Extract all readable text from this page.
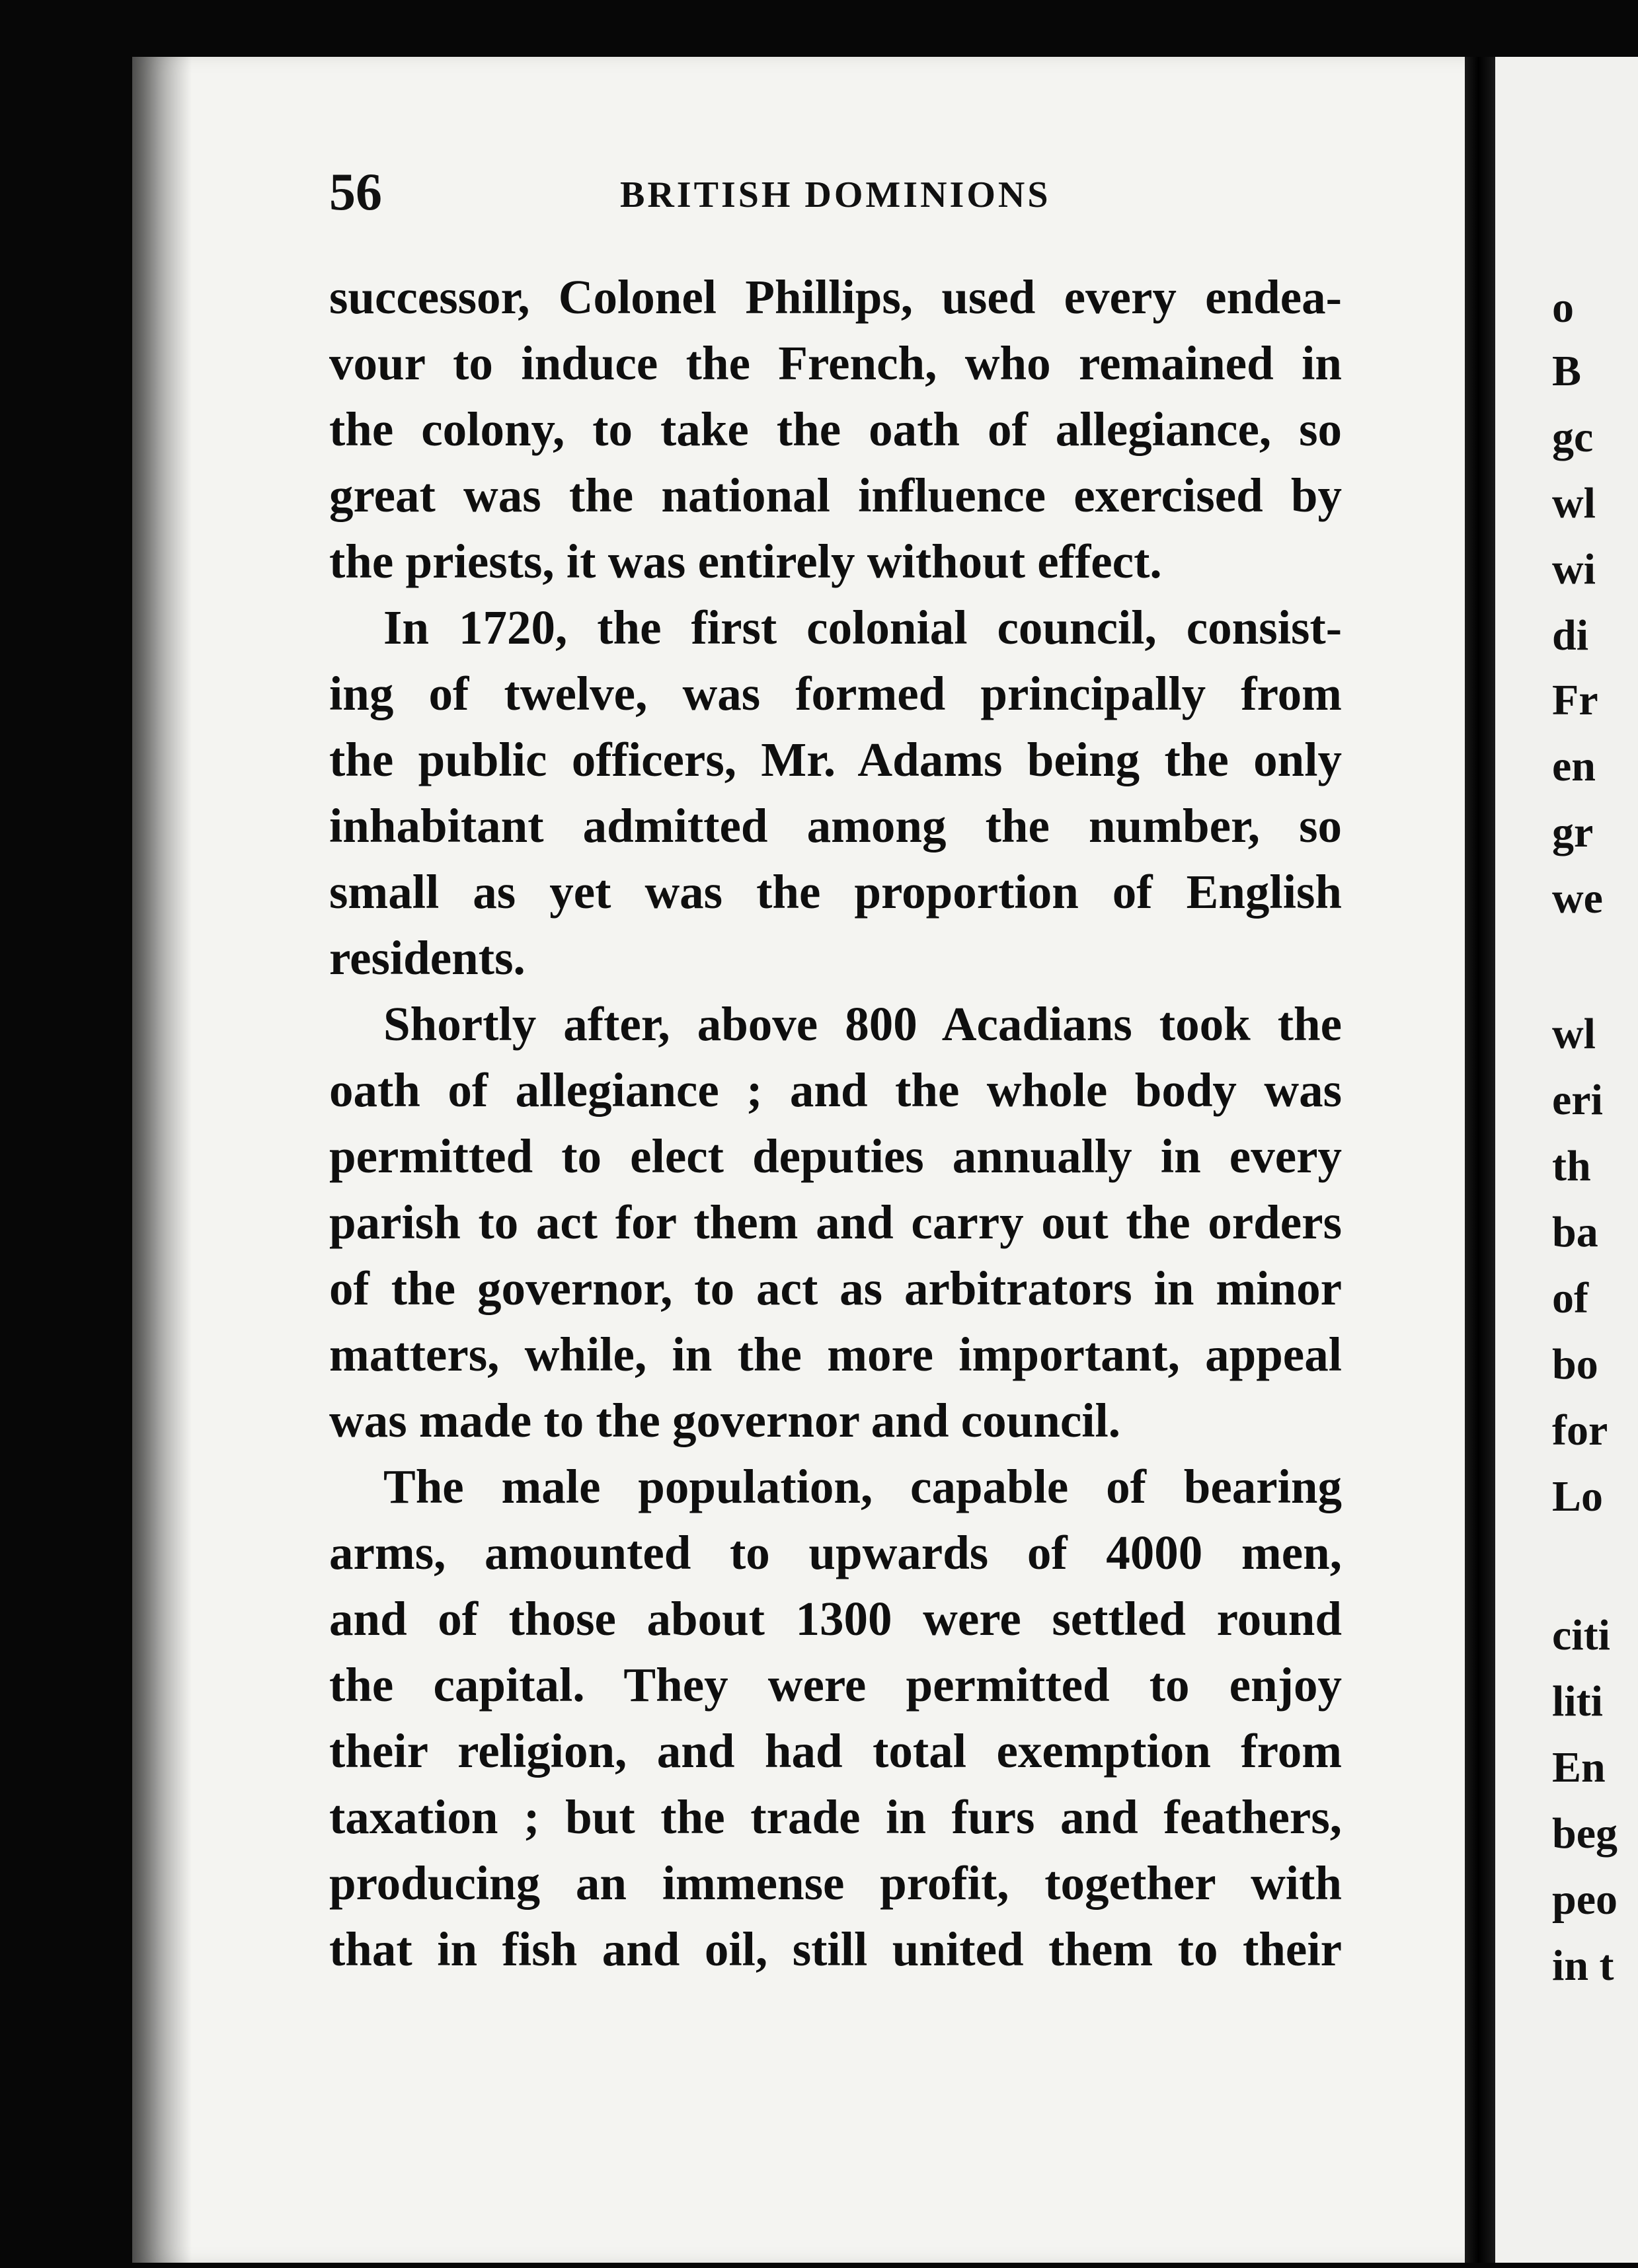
56	BRITISH DOMINIONS
successor, Colonel Phillips, used every endea-
vour to induce the French, who remained in
the colony, to take the oath of allegiance, so
great was the national influence exercised by
the priests, it was entirely without effect.
In 1720, the first colonial council, consist-
ing of twelve, was formed principally from
the public officers, Mr. Adams being the only
inhabitant admitted among the number, so
small as yet was the proportion of English
residents.
Shortly after, above 800 Acadians took the
oath of allegiance ; and the whole body was
permitted to elect deputies annually in every
parish to act for them and carry out the orders
of the governor, to act as arbitrators in minor
matters, while, in the more important, appeal
was made to the governor and council.
The male population, capable of bearing
arms, amounted to upwards of 4000 men,
and of those about 1300 were settled round
the capital. They were permitted to enjoy
their religion, and had total exemption from
taxation ; but the trade in furs and feathers,
producing an immense profit, together with
that in fish and oil, still united them to their
o
B
gc
wl
wi
di
Fr
en
gr
we
wl
eri
th
ba
of
bo
for
Lo
citi
liti
En
beg
peo
in t
